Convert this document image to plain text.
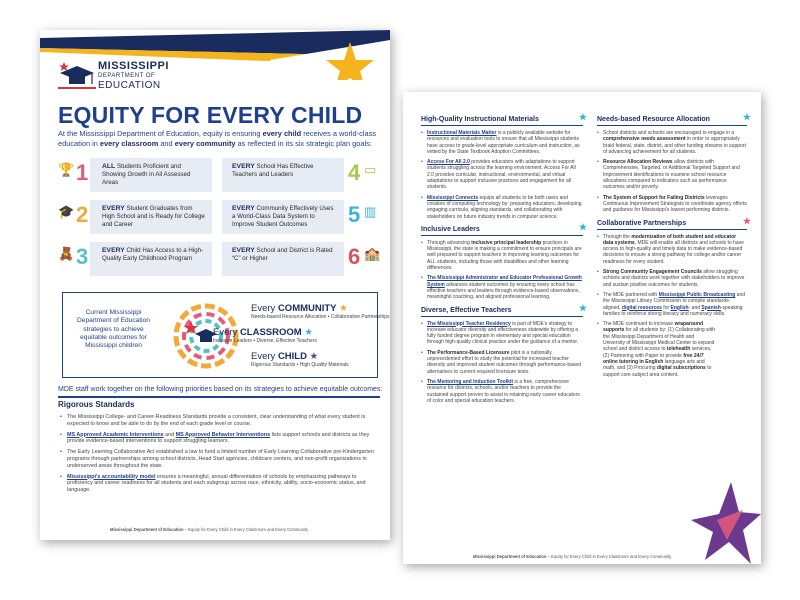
MISSISSIPPI
DEPARTMENT OF
EDUCATION
EQUITY FOR EVERY CHILD
At the Mississippi Department of Education, equity is ensuring every child receives a world-class education in every classroom and every community as reflected in its six strategic plan goals:
🏆 1	ALL Students Proficient and Showing Growth in All Assessed Areas
🎓 2	EVERY Student Graduates from High School and is Ready for College and Career
🧸 3	EVERY Child Has Access to a High-Quality Early Childhood Program
EVERY School Has Effective Teachers and Leaders	4 ▭
EVERY Community Effectively Uses a World-Class Data System to Improve Student Outcomes	5 ▥
EVERY School and District is Rated “C” or Higher	6 🏫
Current Mississippi Department of Education strategies to achieve equitable outcomes for Mississippi children
Every COMMUNITY ★
Needs-based Resource Allocation • Collaborative Partnerships
Every CLASSROOM ★
Inclusive Leaders • Diverse, Effective Teachers
Every CHILD ★
Rigorous Standards • High Quality Materials
MDE staff work together on the following priorities based on its strategies to achieve equitable outcomes:
Rigorous Standards
• The Mississippi College- and Career-Readiness Standards provide a consistent, clear understanding of what every student is expected to know and be able to do by the end of each grade level or course.
• MS Approved Academic Interventions and MS Approved Behavior Interventions lists support schools and districts as they provide evidence-based interventions to support struggling learners.
• The Early Learning Collaborative Act established a law to fund a limited number of Early Learning Collaborative pre-Kindergarten programs through partnerships among school districts, Head Start agencies, childcare centers, and non-profit organizations in underserved areas throughout the state.
• Mississippi’s accountability model ensures a meaningful, annual differentiation of schools by emphasizing pathways to proficiency and career readiness for all students and each subgroup across race, ethnicity, ability, socio-economic status, and language.
Mississippi Department of Education – Equity for Every Child in Every Classroom and Every Community
High-Quality Instructional Materials	★
• Instructional Materials Matter is a publicly available website for resources and evaluation tools to ensure that all Mississippi students have access to grade-level appropriate curriculum and instruction, as vetted by the State Textbook Adoption Committees.
• Access For All 2.0 provides educators with adaptations to support students struggling across the learning environment. Access For All 2.0 provides curricular, instructional, environmental, and virtual adaptations to support inclusive practices and engagement for all students.
• Mississippi Connects equips all students to be both users and creators of computing technology by: preparing educators, developing engaging curricula, aligning standards, and collaborating with stakeholders on future industry trends in computer science.
Inclusive Leaders	★
• Through advancing inclusive principal leadership practices in Mississippi, the state is making a commitment to ensure principals are well prepared to support teachers in improving learning outcomes for ALL students, including those with disabilities and other learning differences.
• The Mississippi Administrator and Educator Professional Growth System advances student outcomes by ensuring every school has effective teachers and leaders through evidence-based observations, meaningful coaching, and aligned professional learning.
Diverse, Effective Teachers	★
• The Mississippi Teacher Residency is part of MDE’s strategy to increase educator diversity and effectiveness statewide by offering a fully funded degree program in elementary and special education through high-quality clinical practice under the guidance of a mentor.
• The Performance-Based Licensure pilot is a nationally unprecedented effort to study the potential for increased teacher diversity and improved student outcomes through performance-based alternatives to current required licensure tests.
• The Mentoring and Induction Toolkit is a free, comprehensive resource for districts, schools, and/or teachers to provide the sustained support proven to assist in retaining early career educators of color and special education teachers.
Needs-based Resource Allocation	★
• School districts and schools are encouraged to engage in a comprehensive needs assessment in order to appropriately braid federal, state, district, and other funding streams in support of advancing achievement for all students.
• Resource Allocation Reviews allow districts with Comprehensive, Targeted, or Additional Targeted Support and Improvement identifications to examine school resource allocations compared to indicators such as performance outcomes and/or poverty.
• The System of Support for Failing Districts leverages Continuous Improvement Strategists to coordinate agency efforts and guidance for Mississippi’s lowest performing districts.
Collaborative Partnerships	★
• Through the modernization of both student and educator data systems, MDE will enable all districts and schools to have access to high-quality and timely data to make evidence-based decisions to ensure a strong pathway for college and/or career readiness for every student.
• Strong Community Engagement Councils allow struggling schools and districts work together with stakeholders to improve and sustain positive outcomes for students.
• The MDE partnered with Mississippi Public Broadcasting and the Mississippi Library Commission to compile standards-aligned, digital resources for English- and Spanish-speaking families to reinforce strong literacy and numeracy skills.
• The MDE continued to increase wraparound supports for all students by: (1) Collaborating with the Mississippi Department of Health and University of Mississippi Medical Center to expand school and district access to telehealth services, (2) Partnering with Paper to provide free 24/7 online tutoring in English language arts and math, and (3) Procuring digital subscriptions to support core subject area content.
Mississippi Department of Education – Equity for Every Child in Every Classroom and Every Community
